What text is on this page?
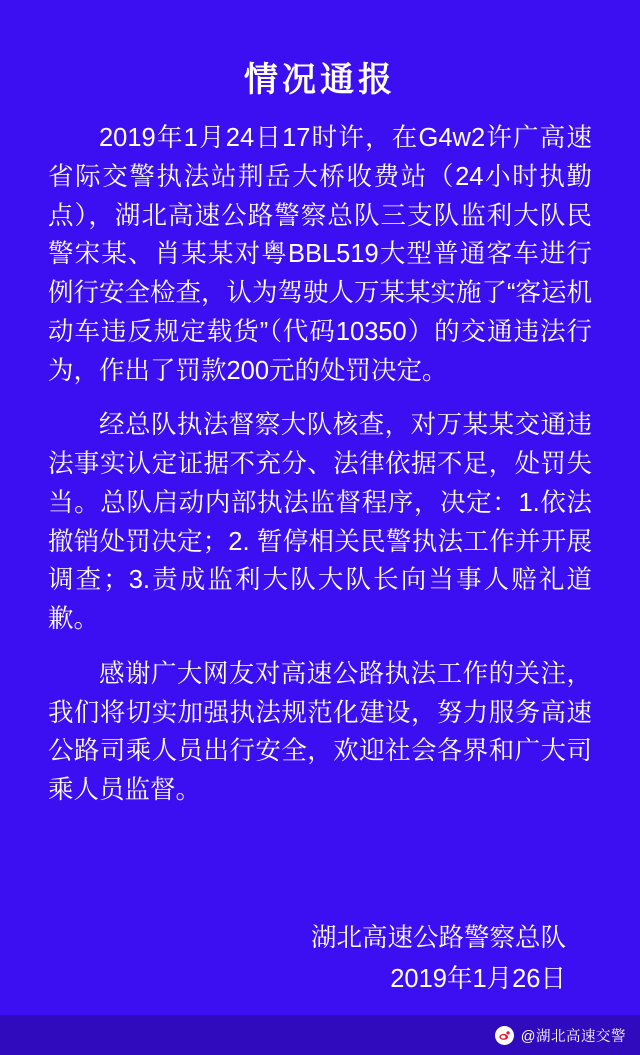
情况通报

2019年1月24日17时许，在G4w2许广高速省际交警执法站荆岳大桥收费站（24小时执勤点），湖北高速公路警察总队三支队监利大队民警宋某、肖某某对粤BBL519大型普通客车进行例行安全检查，认为驾驶人万某某实施了“客运机动车违反规定载货”（代码10350）的交通违法行为，作出了罚款200元的处罚决定。

经总队执法督察大队核查，对万某某交通违法事实认定证据不充分、法律依据不足，处罚失当。总队启动内部执法监督程序，决定：1.依法撤销处罚决定；2. 暂停相关民警执法工作并开展调查；3.责成监利大队大队长向当事人赔礼道歉。

感谢广大网友对高速公路执法工作的关注，我们将切实加强执法规范化建设，努力服务高速公路司乘人员出行安全，欢迎社会各界和广大司乘人员监督。

湖北高速公路警察总队
2019年1月26日
@湖北高速交警
